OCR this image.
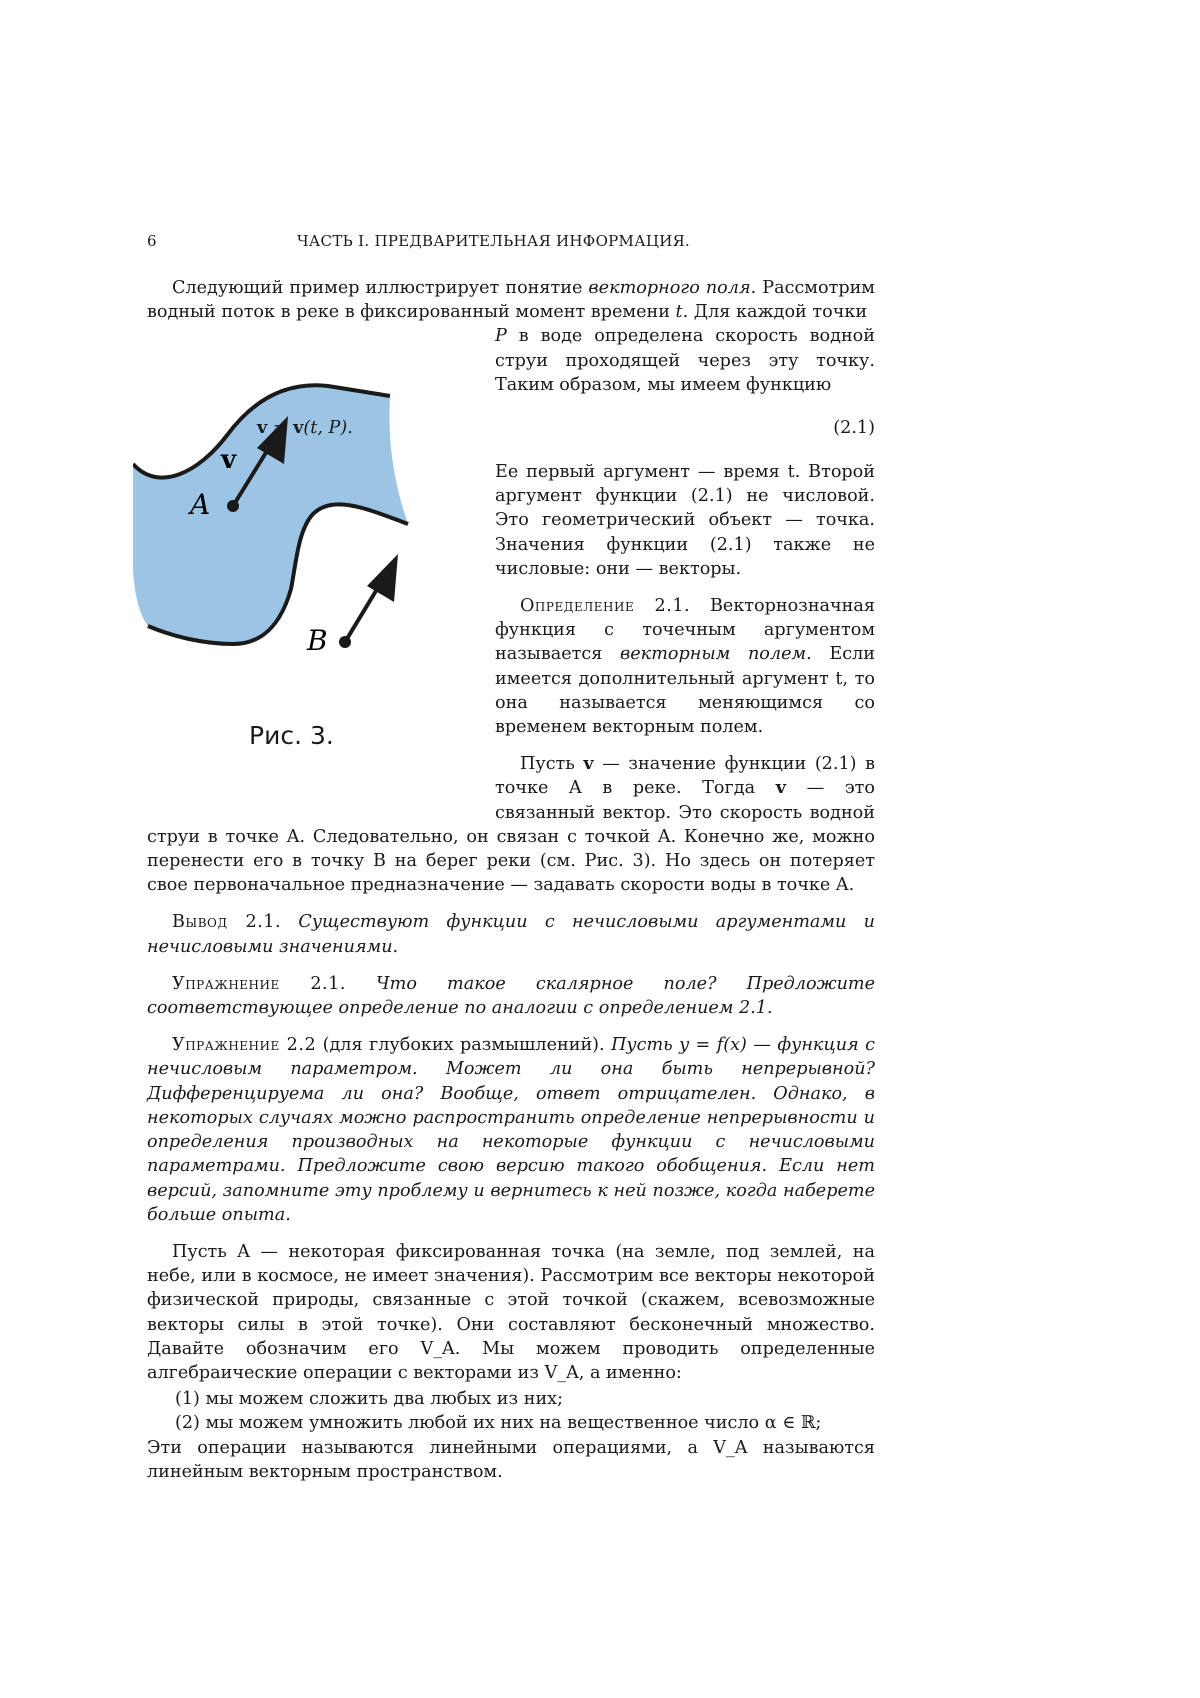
6	ЧАСТЬ I. ПРЕДВАРИТЕЛЬНАЯ ИНФОРМАЦИЯ.

Следующий пример иллюстрирует понятие векторного поля. Рассмотрим водный поток в реке в фиксированный момент времени t. Для каждой точки

v
A
B
Рис. 3.

P в воде определена скорость водной струи проходящей через эту точку. Таким образом, мы имеем функцию

v = v(t, P).	(2.1)

Ее первый аргумент — время t. Второй аргумент функции (2.1) не числовой. Это геометрический объект — точка. Значения функции (2.1) также не числовые: они — векторы.

Определение 2.1. Векторнозначная функция с точечным аргументом называется векторным полем. Если имеется дополнительный аргумент t, то она называется меняющимся со временем векторным полем.

Пусть v — значение функции (2.1) в точке A в реке. Тогда v — это связанный вектор. Это скорость водной струи в точке A. Следовательно, он связан с точкой A. Конечно же, можно перенести его в точку B на берег реки (см. Рис. 3). Но здесь он потеряет свое первоначальное предназначение — задавать скорости воды в точке A.

Вывод 2.1. Существуют функции с нечисловыми аргументами и нечисловыми значениями.

Упражнение 2.1. Что такое скалярное поле? Предложите соответствующее определение по аналогии с определением 2.1.

Упражнение 2.2 (для глубоких размышлений). Пусть y = f(x) — функция с нечисловым параметром. Может ли она быть непрерывной? Дифференцируема ли она? Вообще, ответ отрицателен. Однако, в некоторых случаях можно распространить определение непрерывности и определения производных на некоторые функции с нечисловыми параметрами. Предложите свою версию такого обобщения. Если нет версий, запомните эту проблему и вернитесь к ней позже, когда наберете больше опыта.

Пусть A — некоторая фиксированная точка (на земле, под землей, на небе, или в космосе, не имеет значения). Рассмотрим все векторы некоторой физической природы, связанные с этой точкой (скажем, всевозможные векторы силы в этой точке). Они составляют бесконечный множество. Давайте обозначим его V_A. Мы можем проводить определенные алгебраические операции с векторами из V_A, а именно:

(1) мы можем сложить два любых из них;
(2) мы можем умножить любой их них на вещественное число α ∈ ℝ;

Эти операции называются линейными операциями, а V_A называются линейным векторным пространством.
